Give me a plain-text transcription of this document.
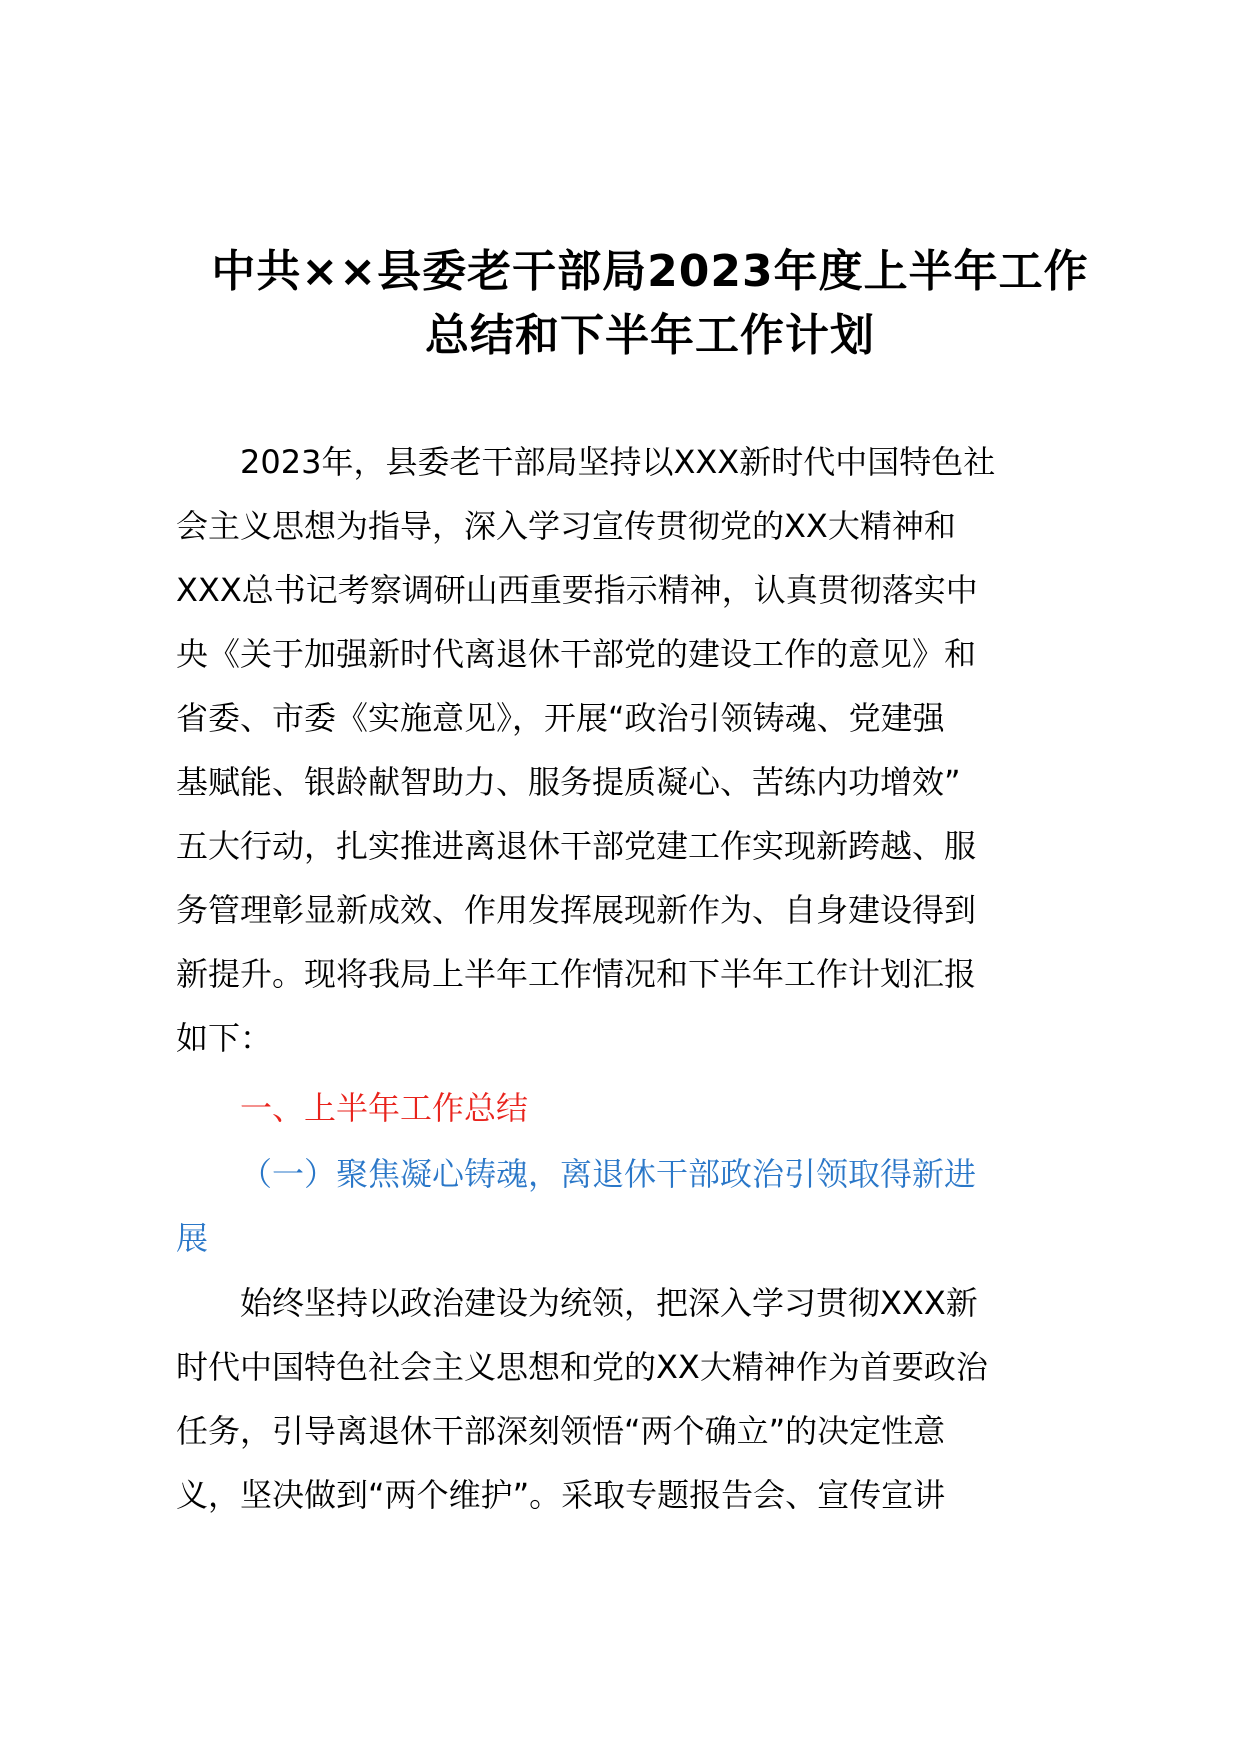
中共××县委老干部局2023年度上半年工作
总结和下半年工作计划
2023年，县委老干部局坚持以XXX新时代中国特色社
会主义思想为指导，深入学习宣传贯彻党的XX大精神和
XXX总书记考察调研山西重要指示精神，认真贯彻落实中
央《关于加强新时代离退休干部党的建设工作的意见》和
省委、市委《实施意见》，开展“政治引领铸魂、党建强
基赋能、银龄献智助力、服务提质凝心、苦练内功增效”
五大行动，扎实推进离退休干部党建工作实现新跨越、服
务管理彰显新成效、作用发挥展现新作为、自身建设得到
新提升。现将我局上半年工作情况和下半年工作计划汇报
如下：
一、上半年工作总结
（一）聚焦凝心铸魂，离退休干部政治引领取得新进
展
始终坚持以政治建设为统领，把深入学习贯彻XXX新
时代中国特色社会主义思想和党的XX大精神作为首要政治
任务，引导离退休干部深刻领悟“两个确立”的决定性意
义，坚决做到“两个维护”。采取专题报告会、宣传宣讲
